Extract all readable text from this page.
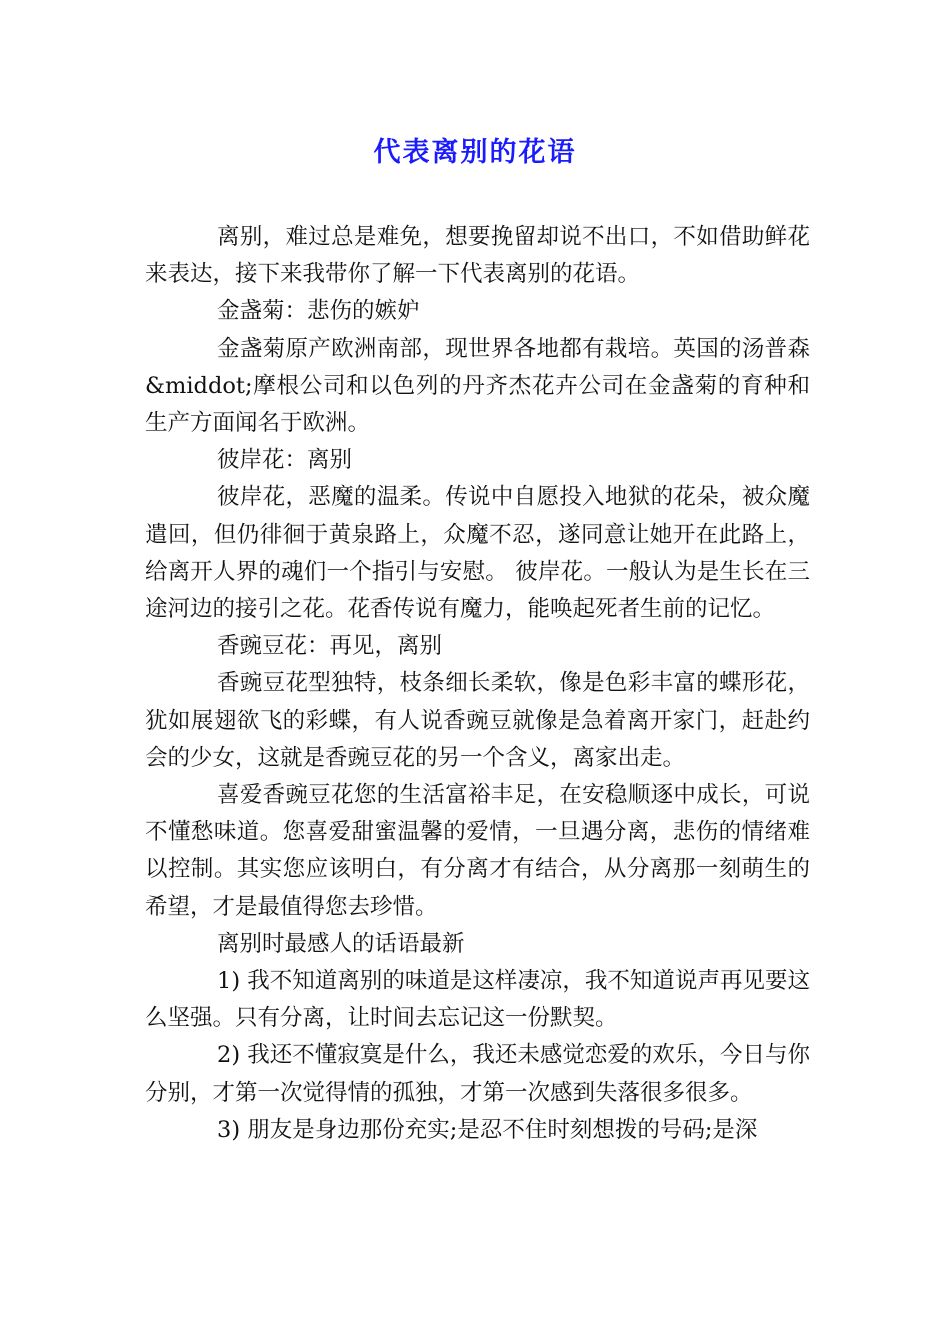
代表离别的花语

离别，难过总是难免，想要挽留却说不出口，不如借助鲜花来表达，接下来我带你了解一下代表离别的花语。

金盏菊：悲伤的嫉妒

金盏菊原产欧洲南部，现世界各地都有栽培。英国的汤普森&middot;摩根公司和以色列的丹齐杰花卉公司在金盏菊的育种和生产方面闻名于欧洲。

彼岸花：离别

彼岸花，恶魔的温柔。传说中自愿投入地狱的花朵，被众魔遣回，但仍徘徊于黄泉路上，众魔不忍，遂同意让她开在此路上，给离开人界的魂们一个指引与安慰。 彼岸花。一般认为是生长在三途河边的接引之花。花香传说有魔力，能唤起死者生前的记忆。

香豌豆花：再见，离别

香豌豆花型独特，枝条细长柔软，像是色彩丰富的蝶形花，犹如展翅欲飞的彩蝶，有人说香豌豆就像是急着离开家门，赶赴约会的少女，这就是香豌豆花的另一个含义，离家出走。

喜爱香豌豆花您的生活富裕丰足，在安稳顺逐中成长，可说不懂愁味道。您喜爱甜蜜温馨的爱情，一旦遇分离，悲伤的情绪难以控制。其实您应该明白，有分离才有结合，从分离那一刻萌生的希望，才是最值得您去珍惜。

离别时最感人的话语最新

1) 我不知道离别的味道是这样凄凉，我不知道说声再见要这么坚强。只有分离，让时间去忘记这一份默契。

2) 我还不懂寂寞是什么，我还未感觉恋爱的欢乐，今日与你分别，才第一次觉得情的孤独，才第一次感到失落很多很多。

3) 朋友是身边那份充实;是忍不住时刻想拨的号码;是深
